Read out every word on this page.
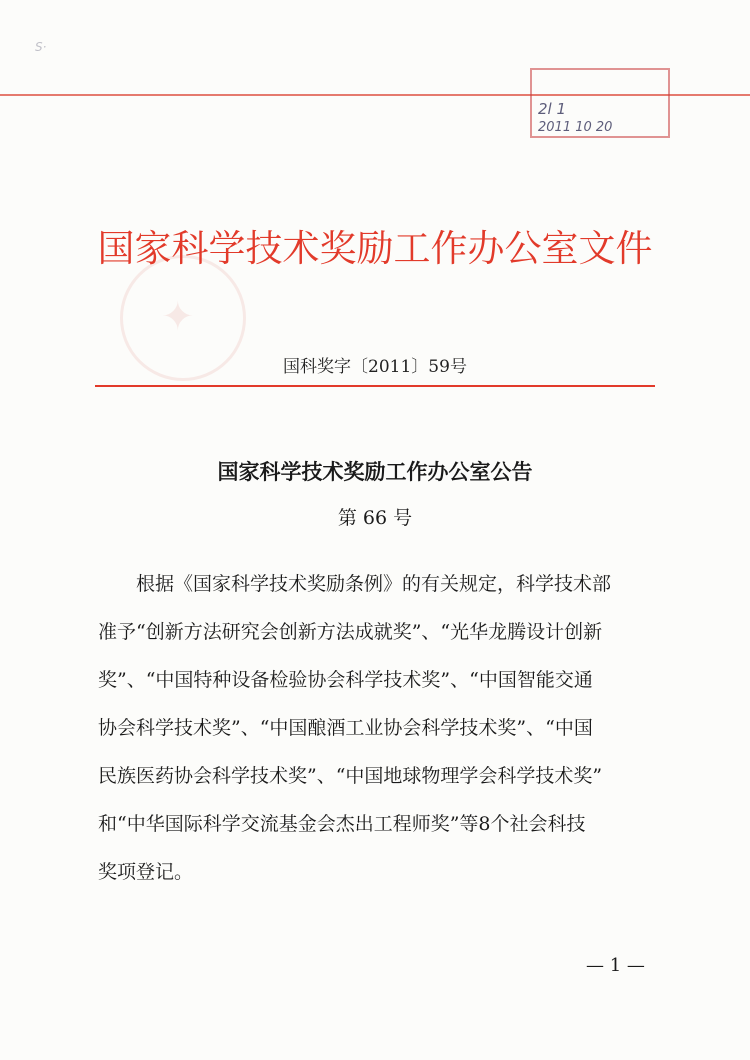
S·
2l 1
2011 10 20
✦
国家科学技术奖励工作办公室文件
国科奖字〔2011〕59号
国家科学技术奖励工作办公室公告
第 66 号
根据《国家科学技术奖励条例》的有关规定，科学技术部
准予“创新方法研究会创新方法成就奖”、“光华龙腾设计创新
奖”、“中国特种设备检验协会科学技术奖”、“中国智能交通
协会科学技术奖”、“中国酿酒工业协会科学技术奖”、“中国
民族医药协会科学技术奖”、“中国地球物理学会科学技术奖”
和“中华国际科学交流基金会杰出工程师奖”等8个社会科技
奖项登记。
— 1 —
